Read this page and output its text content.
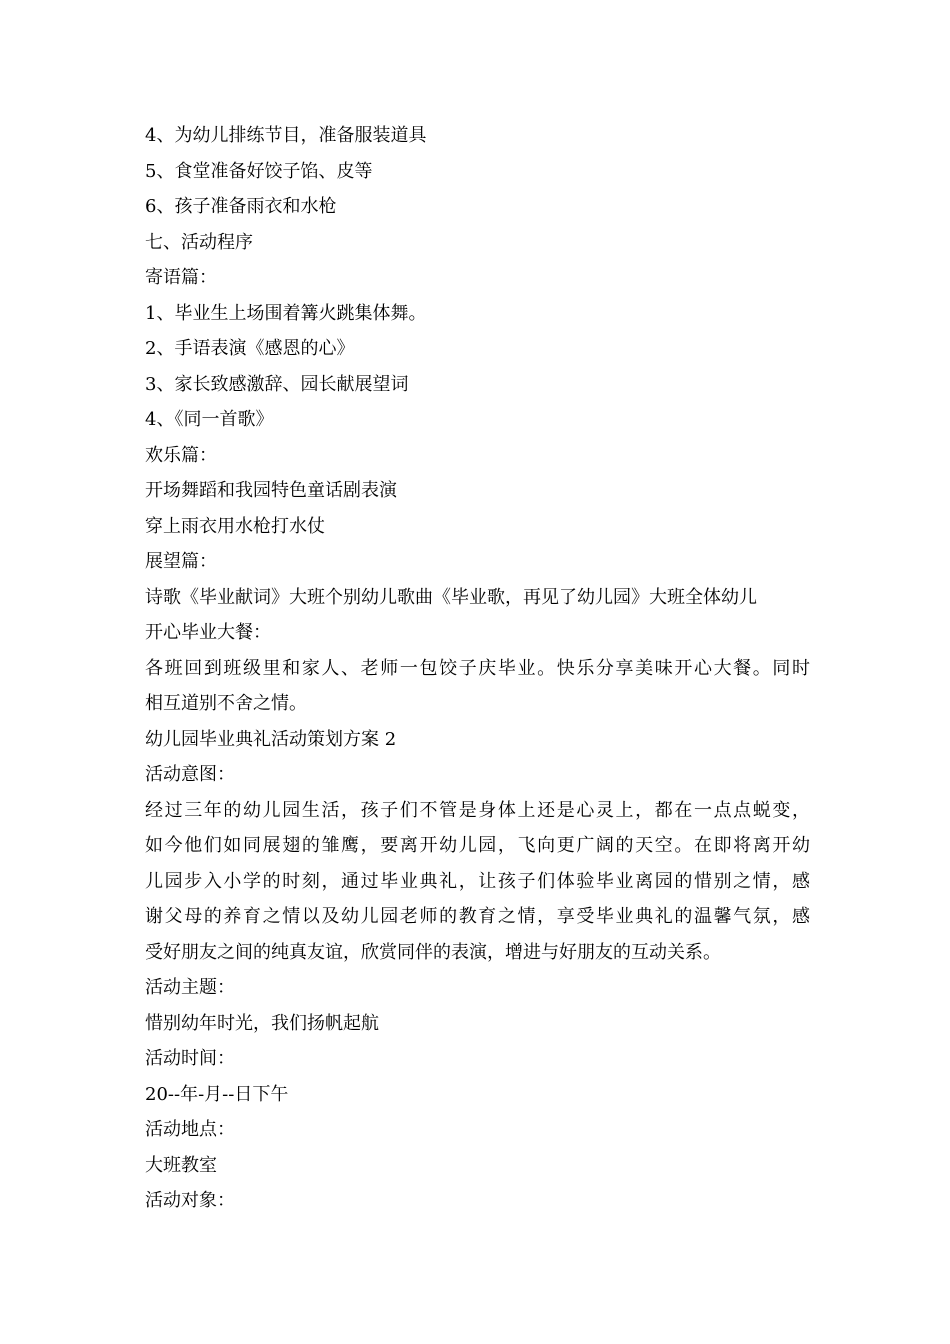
4、为幼儿排练节目，准备服装道具
5、食堂准备好饺子馅、皮等
6、孩子准备雨衣和水枪
七、活动程序
寄语篇：
1、毕业生上场围着篝火跳集体舞。
2、手语表演《感恩的心》
3、家长致感激辞、园长献展望词
4、《同一首歌》
欢乐篇：
开场舞蹈和我园特色童话剧表演
穿上雨衣用水枪打水仗
展望篇：
诗歌《毕业献词》大班个别幼儿歌曲《毕业歌，再见了幼儿园》大班全体幼儿
开心毕业大餐：
各班回到班级里和家人、老师一包饺子庆毕业。快乐分享美味开心大餐。同时
相互道别不舍之情。
幼儿园毕业典礼活动策划方案 2
活动意图：
经过三年的幼儿园生活，孩子们不管是身体上还是心灵上，都在一点点蜕变，
如今他们如同展翅的雏鹰，要离开幼儿园，飞向更广阔的天空。在即将离开幼
儿园步入小学的时刻，通过毕业典礼，让孩子们体验毕业离园的惜别之情，感
谢父母的养育之情以及幼儿园老师的教育之情，享受毕业典礼的温馨气氛，感
受好朋友之间的纯真友谊，欣赏同伴的表演，增进与好朋友的互动关系。
活动主题：
惜别幼年时光，我们扬帆起航
活动时间：
20--年-月--日下午
活动地点：
大班教室
活动对象：
